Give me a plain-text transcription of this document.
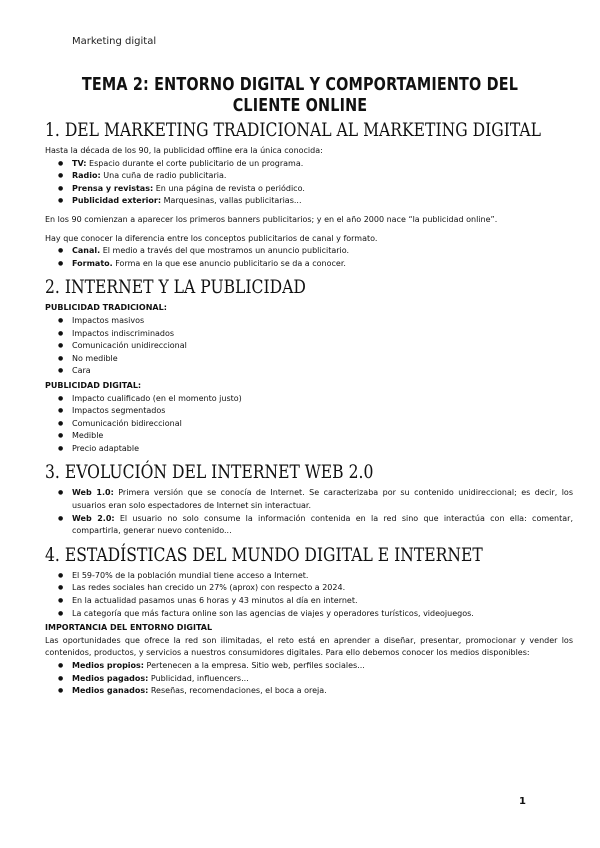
Marketing digital
TEMA 2: ENTORNO DIGITAL Y COMPORTAMIENTO DEL CLIENTE ONLINE
1. DEL MARKETING TRADICIONAL AL MARKETING DIGITAL

Hasta la década de los 90, la publicidad offline era la única conocida:

● TV: Espacio durante el corte publicitario de un programa.
● Radio: Una cuña de radio publicitaria.
● Prensa y revistas: En una página de revista o periódico.
● Publicidad exterior: Marquesinas, vallas publicitarias...

En los 90 comienzan a aparecer los primeros banners publicitarios; y en el año 2000 nace “la publicidad online”.

Hay que conocer la diferencia entre los conceptos publicitarios de canal y formato.

● Canal. El medio a través del que mostramos un anuncio publicitario.
● Formato. Forma en la que ese anuncio publicitario se da a conocer.
2. INTERNET Y LA PUBLICIDAD

PUBLICIDAD TRADICIONAL:

● Impactos masivos
● Impactos indiscriminados
● Comunicación unidireccional
● No medible
● Cara

PUBLICIDAD DIGITAL:

● Impacto cualificado (en el momento justo)
● Impactos segmentados
● Comunicación bidireccional
● Medible
● Precio adaptable
3. EVOLUCIÓN DEL INTERNET WEB 2.0
● Web 1.0: Primera versión que se conocía de Internet. Se caracterizaba por su contenido unidireccional; es decir, los usuarios eran solo espectadores de Internet sin interactuar.
● Web 2.0: El usuario no solo consume la información contenida en la red sino que interactúa con ella: comentar, compartirla, generar nuevo contenido...
4. ESTADÍSTICAS DEL MUNDO DIGITAL E INTERNET
● El 59-70% de la población mundial tiene acceso a Internet.
● Las redes sociales han crecido un 27% (aprox) con respecto a 2024.
● En la actualidad pasamos unas 6 horas y 43 minutos al día en internet.
● La categoría que más factura online son las agencias de viajes y operadores turísticos, videojuegos.

IMPORTANCIA DEL ENTORNO DIGITAL

Las oportunidades que ofrece la red son ilimitadas, el reto está en aprender a diseñar, presentar, promocionar y vender los contenidos, productos, y servicios a nuestros consumidores digitales. Para ello debemos conocer los medios disponibles:

● Medios propios: Pertenecen a la empresa. Sitio web, perfiles sociales...
● Medios pagados: Publicidad, influencers...
● Medios ganados: Reseñas, recomendaciones, el boca a oreja.
1
